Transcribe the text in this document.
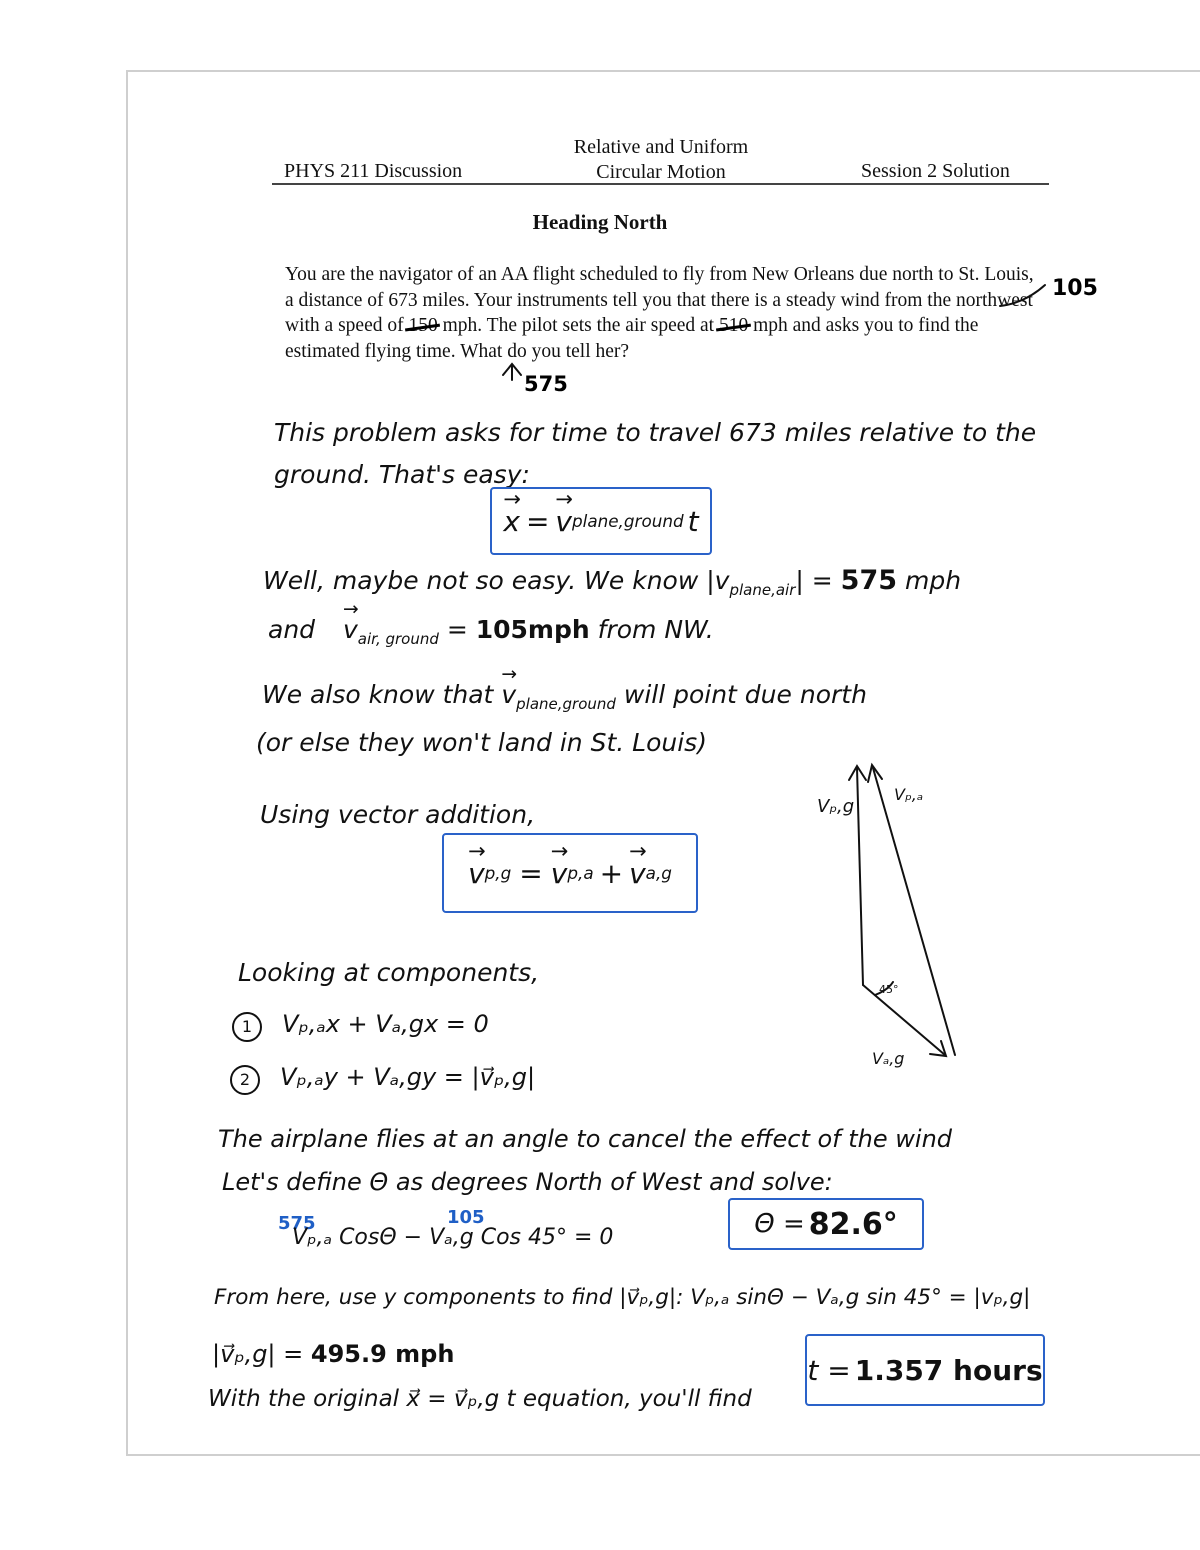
PHYS 211 Discussion
Relative and Uniform
Circular Motion	Session 2 Solution
Heading North
You are the navigator of an AA flight scheduled to fly from New Orleans due north to St. Louis, a distance of 673 miles. Your instruments tell you that there is a steady wind from the northwest with a speed of 150 mph. The pilot sets the air speed at 510 mph and asks you to find the estimated flying time. What do you tell her?
105
575
This problem asks for time to travel 673 miles relative to the
ground. That's easy:
→ x = → v plane,ground t
Well, maybe not so easy. We know $|v_{plane,air}| = 575$ mph
and → $v_{air, ground} = 105mph$ from NW.
We also know that → $v_{plane,ground}$ will point due north
(or else they won't land in St. Louis)
Using vector addition,
→ v p,g = → v p,a + → v a,g
Looking at components,
1 Vₚ,ₐx + Vₐ,gx = 0
2 Vₚ,ₐy + Vₐ,gy = |v⃗ₚ,g|
The airplane flies at an angle to cancel the effect of the wind
Let's define Θ as degrees North of West and solve:
575	105
Vₚ,ₐ CosΘ − Vₐ,g Cos 45° = 0	Θ = 82.6°
From here, use y components to find |v⃗ₚ,g|: Vₚ,ₐ sinΘ − Vₐ,g sin 45° = |vₚ,g|
|v⃗ₚ,g| = 495.9 mph
With the original x⃗ = v⃗ₚ,g t equation, you'll find
t = 1.357 hours
Vₚ,g
Vₚ,ₐ
Vₐ,g
45°
